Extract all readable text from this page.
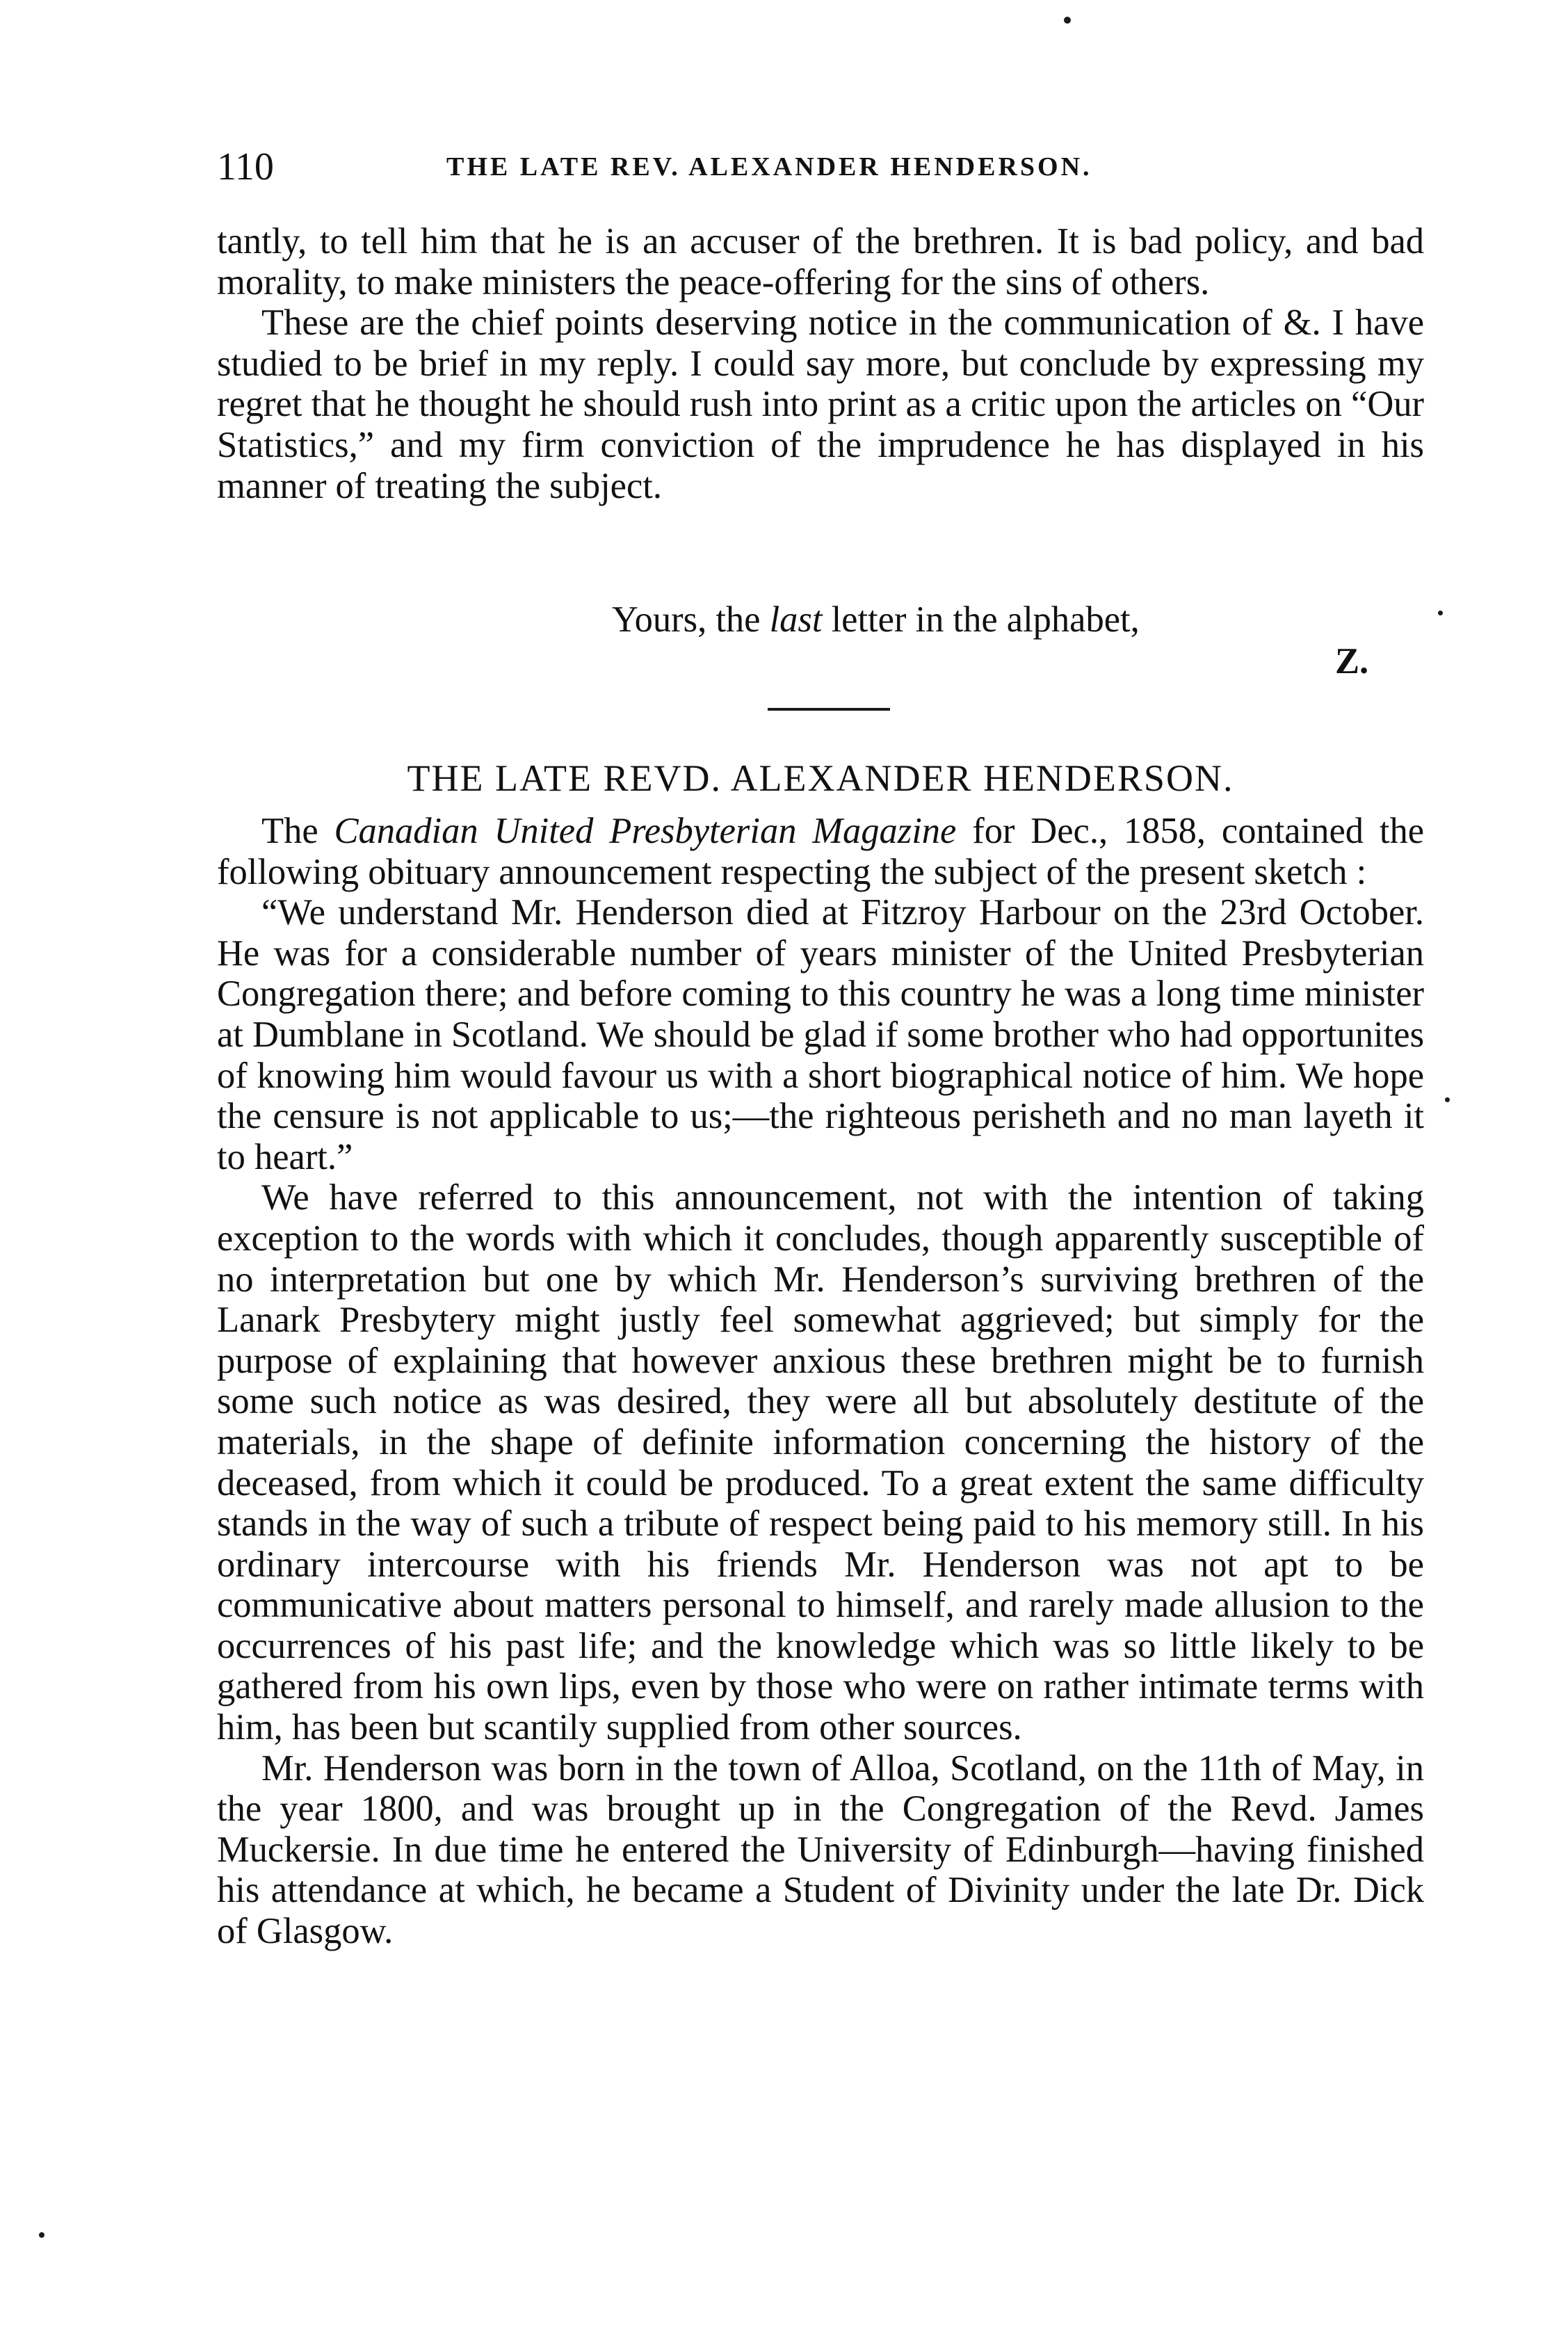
110	THE LATE REV. ALEXANDER HENDERSON.

tantly, to tell him that he is an accuser of the brethren. It is bad policy, and bad morality, to make ministers the peace-offering for the sins of others.

These are the chief points deserving notice in the communication of &. I have studied to be brief in my reply. I could say more, but conclude by expressing my regret that he thought he should rush into print as a critic upon the articles on “Our Statistics,” and my firm conviction of the imprudence he has displayed in his manner of treating the subject.

Yours, the last letter in the alphabet,
Z.
THE LATE REVD. ALEXANDER HENDERSON.

The Canadian United Presbyterian Magazine for Dec., 1858, contained the following obituary announcement respecting the subject of the present sketch :

“We understand Mr. Henderson died at Fitzroy Harbour on the 23rd October. He was for a considerable number of years minister of the United Presbyterian Congregation there; and before coming to this country he was a long time minister at Dumblane in Scotland. We should be glad if some brother who had opportunites of knowing him would favour us with a short biographical notice of him. We hope the censure is not applicable to us;—the righteous perisheth and no man layeth it to heart.”

We have referred to this announcement, not with the intention of taking exception to the words with which it concludes, though apparently susceptible of no interpretation but one by which Mr. Henderson’s surviving brethren of the Lanark Presbytery might justly feel somewhat aggrieved; but simply for the purpose of explaining that however anxious these brethren might be to furnish some such notice as was desired, they were all but absolutely destitute of the materials, in the shape of definite information concerning the history of the deceased, from which it could be produced. To a great extent the same difficulty stands in the way of such a tribute of respect being paid to his memory still. In his ordinary intercourse with his friends Mr. Henderson was not apt to be communicative about matters personal to himself, and rarely made allusion to the occurrences of his past life; and the knowledge which was so little likely to be gathered from his own lips, even by those who were on rather intimate terms with him, has been but scantily supplied from other sources.

Mr. Henderson was born in the town of Alloa, Scotland, on the 11th of May, in the year 1800, and was brought up in the Congregation of the Revd. James Muckersie. In due time he entered the University of Edinburgh—having finished his attendance at which, he became a Student of Divinity under the late Dr. Dick of Glasgow.
